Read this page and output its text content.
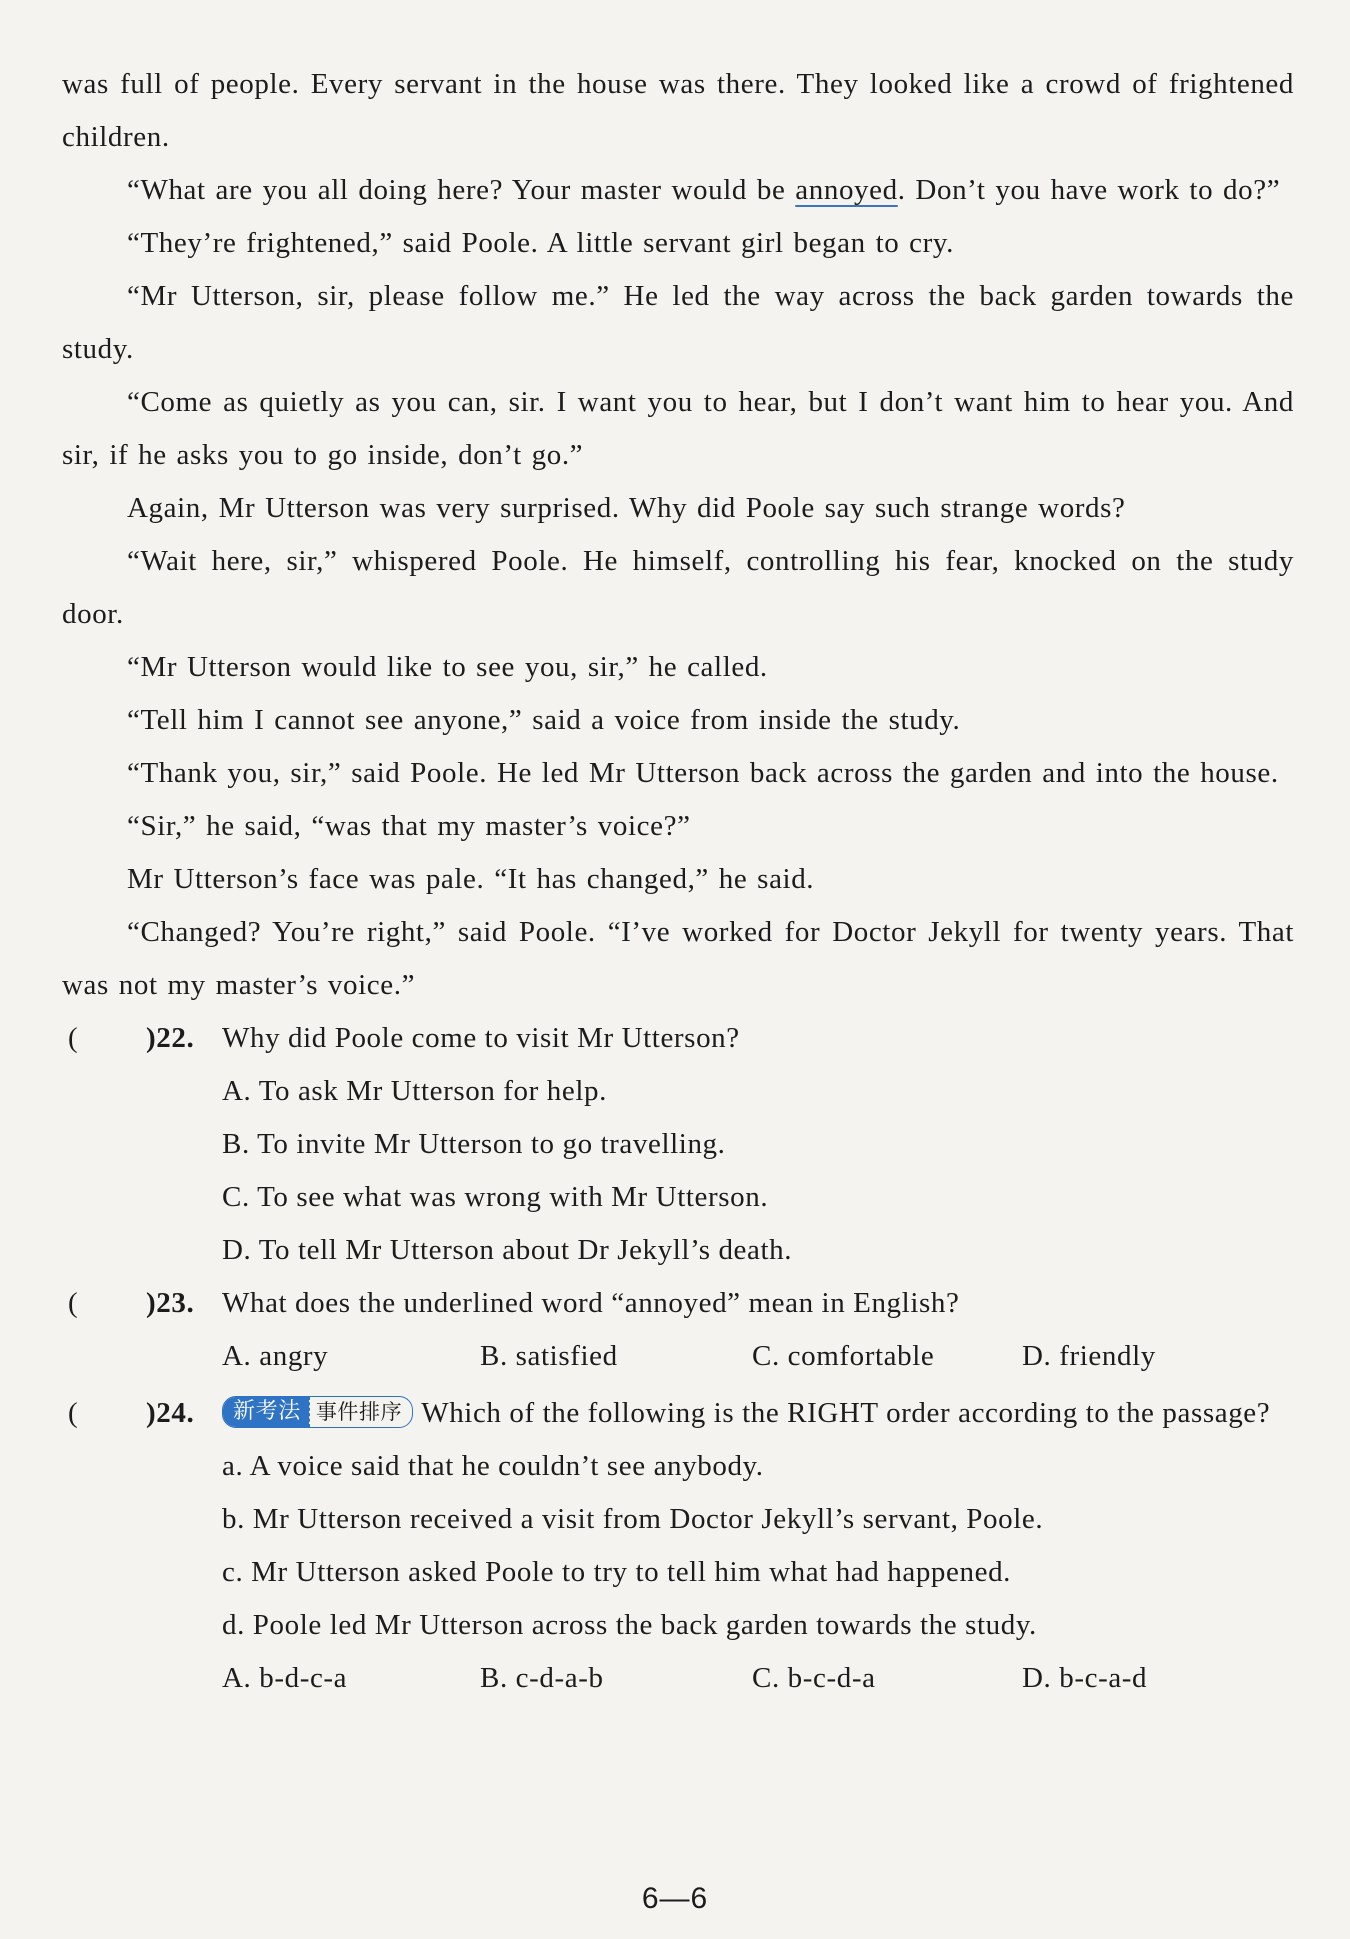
was full of people. Every servant in the house was there. They looked like a crowd of frightened children.

“What are you all doing here? Your master would be annoyed. Don’t you have work to do?”

“They’re frightened,” said Poole. A little servant girl began to cry.

“Mr Utterson, sir, please follow me.” He led the way across the back garden towards the study.

“Come as quietly as you can, sir. I want you to hear, but I don’t want him to hear you. And sir, if he asks you to go inside, don’t go.”

Again, Mr Utterson was very surprised. Why did Poole say such strange words?

“Wait here, sir,” whispered Poole. He himself, controlling his fear, knocked on the study door.

“Mr Utterson would like to see you, sir,” he called.

“Tell him I cannot see anyone,” said a voice from inside the study.

“Thank you, sir,” said Poole. He led Mr Utterson back across the garden and into the house.

“Sir,” he said, “was that my master’s voice?”

Mr Utterson’s face was pale. “It has changed,” he said.

“Changed? You’re right,” said Poole. “I’ve worked for Doctor Jekyll for twenty years. That was not my master’s voice.”

( )22. Why did Poole come to visit Mr Utterson?
A. To ask Mr Utterson for help.
B. To invite Mr Utterson to go travelling.
C. To see what was wrong with Mr Utterson.
D. To tell Mr Utterson about Dr Jekyll’s death.
( )23. What does the underlined word “annoyed” mean in English?
A. angry	B. satisfied	C. comfortable	D. friendly
( )24.	新考法 事件排序 Which of the following is the RIGHT order according to the passage?
a. A voice said that he couldn’t see anybody.
b. Mr Utterson received a visit from Doctor Jekyll’s servant, Poole.
c. Mr Utterson asked Poole to try to tell him what had happened.
d. Poole led Mr Utterson across the back garden towards the study.
A. b-d-c-a	B. c-d-a-b	C. b-c-d-a	D. b-c-a-d
6—6
